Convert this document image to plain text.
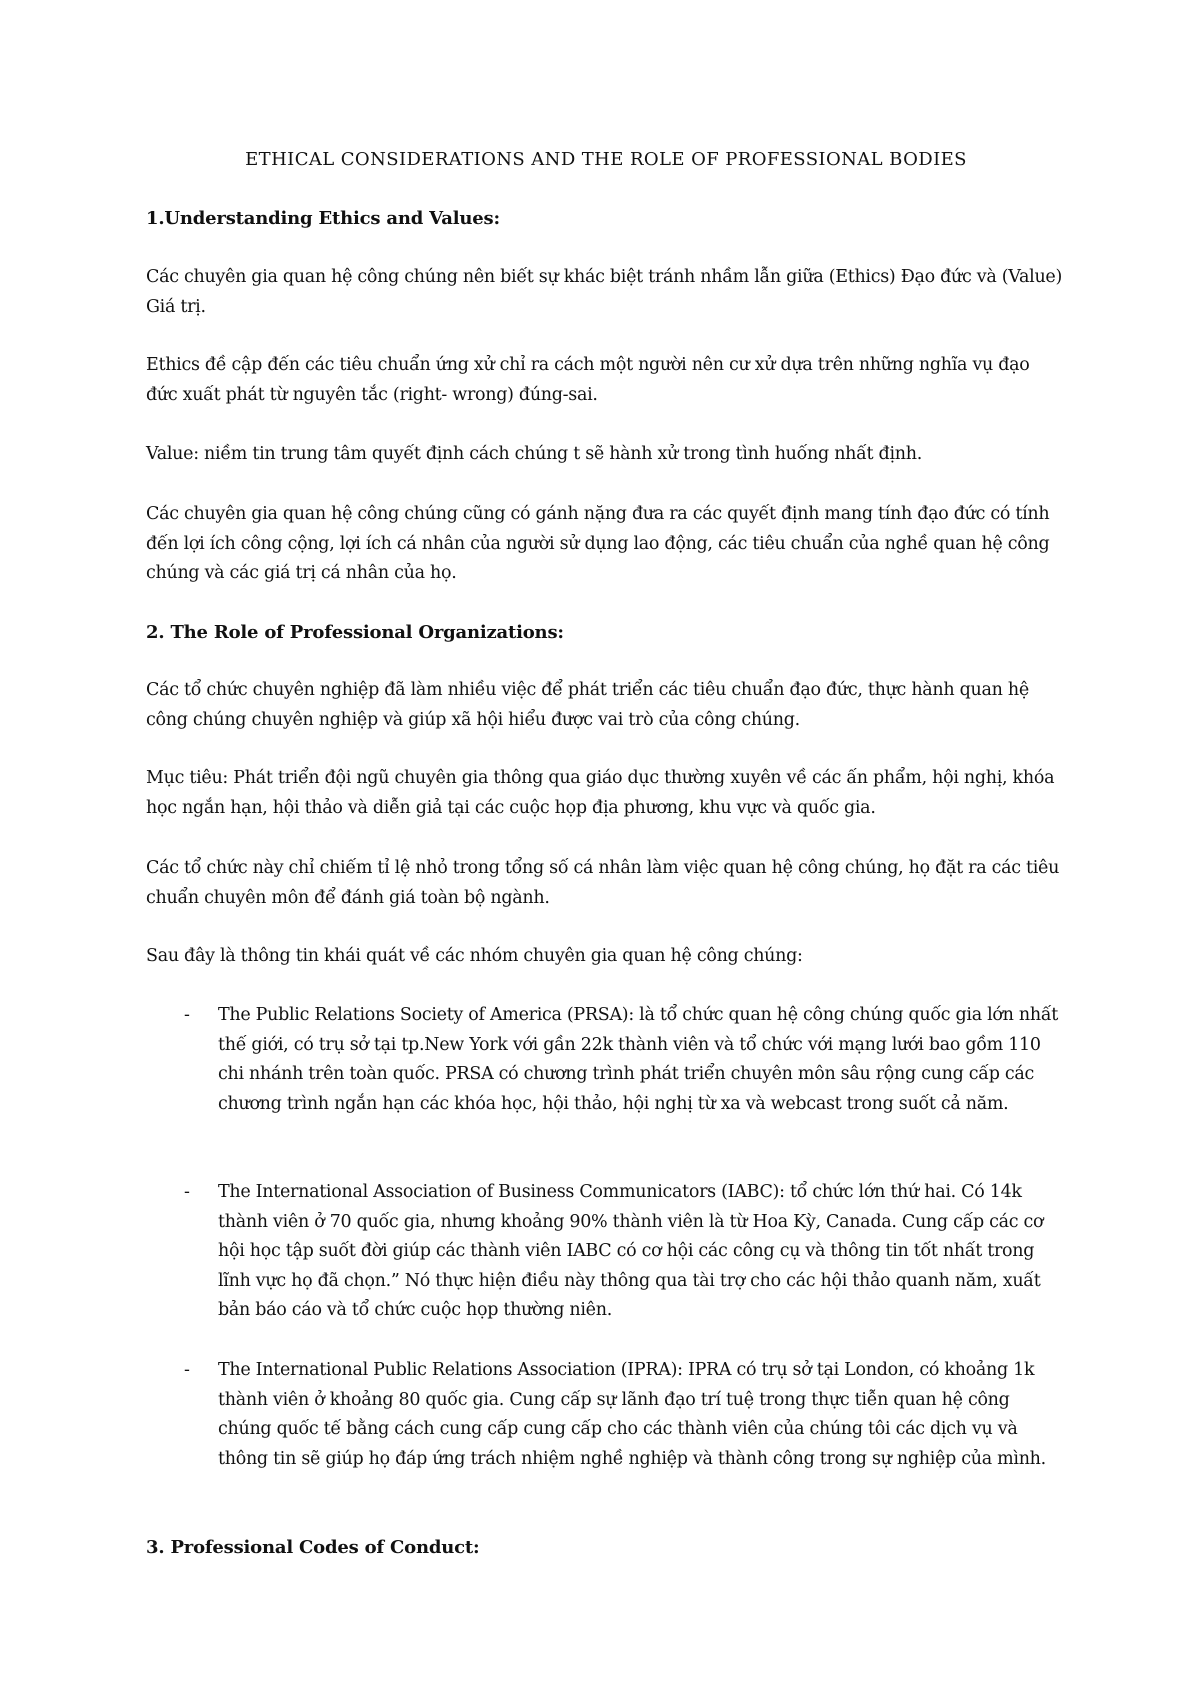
ETHICAL CONSIDERATIONS AND THE ROLE OF PROFESSIONAL BODIES
1.Understanding Ethics and Values:

Các chuyên gia quan hệ công chúng nên biết sự khác biệt tránh nhầm lẫn giữa (Ethics) Đạo đức và (Value) Giá trị.

Ethics đề cập đến các tiêu chuẩn ứng xử chỉ ra cách một người nên cư xử dựa trên những nghĩa vụ đạo đức xuất phát từ nguyên tắc (right- wrong) đúng-sai.

Value: niềm tin trung tâm quyết định cách chúng t sẽ hành xử trong tình huống nhất định.

Các chuyên gia quan hệ công chúng cũng có gánh nặng đưa ra các quyết định mang tính đạo đức có tính đến lợi ích công cộng, lợi ích cá nhân của người sử dụng lao động, các tiêu chuẩn của nghề quan hệ công chúng và các giá trị cá nhân của họ.

2. The Role of Professional Organizations:

Các tổ chức chuyên nghiệp đã làm nhiều việc để phát triển các tiêu chuẩn đạo đức, thực hành quan hệ công chúng chuyên nghiệp và giúp xã hội hiểu được vai trò của công chúng.

Mục tiêu: Phát triển đội ngũ chuyên gia thông qua giáo dục thường xuyên về các ấn phẩm, hội nghị, khóa học ngắn hạn, hội thảo và diễn giả tại các cuộc họp địa phương, khu vực và quốc gia.

Các tổ chức này chỉ chiếm tỉ lệ nhỏ trong tổng số cá nhân làm việc quan hệ công chúng, họ đặt ra các tiêu chuẩn chuyên môn để đánh giá toàn bộ ngành.

Sau đây là thông tin khái quát về các nhóm chuyên gia quan hệ công chúng:

- The Public Relations Society of America (PRSA): là tổ chức quan hệ công chúng quốc gia lớn nhất thế giới, có trụ sở tại tp.New York với gần 22k thành viên và tổ chức với mạng lưới bao gồm 110 chi nhánh trên toàn quốc. PRSA có chương trình phát triển chuyên môn sâu rộng cung cấp các chương trình ngắn hạn các khóa học, hội thảo, hội nghị từ xa và webcast trong suốt cả năm.

- The International Association of Business Communicators (IABC): tổ chức lớn thứ hai. Có 14k thành viên ở 70 quốc gia, nhưng khoảng 90% thành viên là từ Hoa Kỳ, Canada. Cung cấp các cơ hội học tập suốt đời giúp các thành viên IABC có cơ hội các công cụ và thông tin tốt nhất trong lĩnh vực họ đã chọn.” Nó thực hiện điều này thông qua tài trợ cho các hội thảo quanh năm, xuất bản báo cáo và tổ chức cuộc họp thường niên.

- The International Public Relations Association (IPRA): IPRA có trụ sở tại London, có khoảng 1k thành viên ở khoảng 80 quốc gia. Cung cấp sự lãnh đạo trí tuệ trong thực tiễn quan hệ công chúng quốc tế bằng cách cung cấp cung cấp cho các thành viên của chúng tôi các dịch vụ và thông tin sẽ giúp họ đáp ứng trách nhiệm nghề nghiệp và thành công trong sự nghiệp của mình.

3. Professional Codes of Conduct:
